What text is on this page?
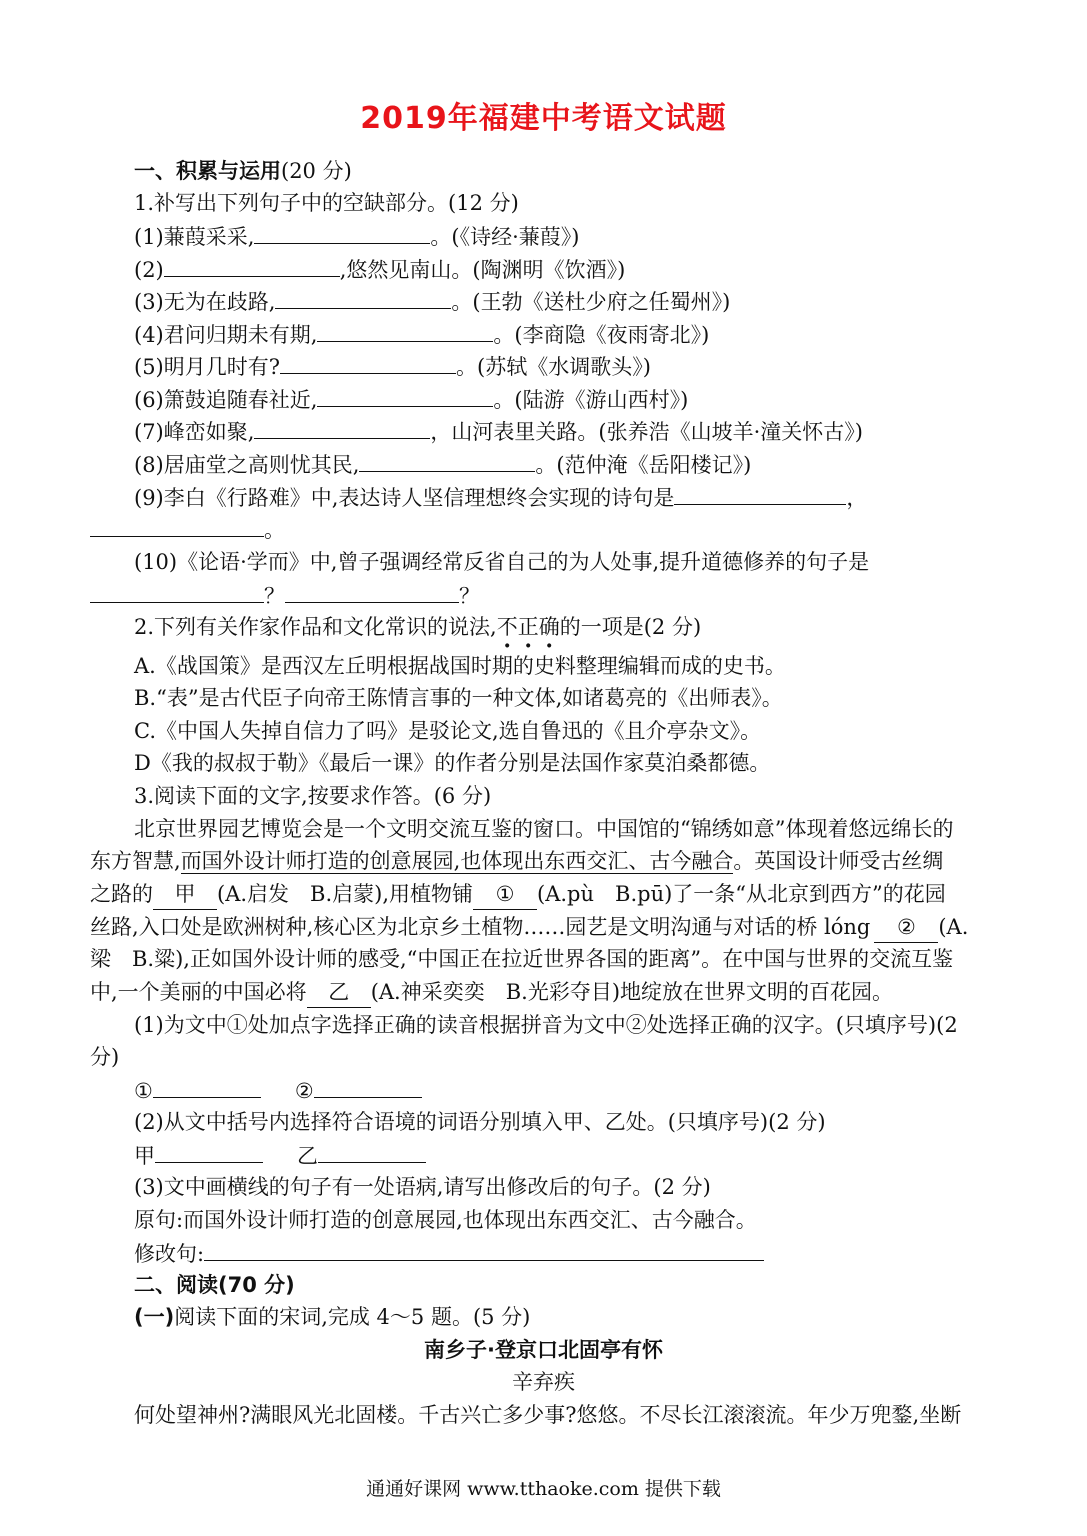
2019年福建中考语文试题
一、积累与运用(20 分)
1.补写出下列句子中的空缺部分。(12 分)
(1)蒹葭采采,	。(《诗经·蒹葭》)
(2)	,悠然见南山。(陶渊明《饮酒》)
(3)无为在歧路,	。(王勃《送杜少府之任蜀州》)
(4)君问归期未有期,	。(李商隐《夜雨寄北》)
(5)明月几时有?	。(苏轼《水调歌头》)
(6)箫鼓追随春社近,	。(陆游《游山西村》)
(7)峰峦如聚,	，山河表里关路。(张养浩《山坡羊·潼关怀古》)
(8)居庙堂之高则忧其民,	。(范仲淹《岳阳楼记》)
(9)李白《行路难》中,表达诗人坚信理想终会实现的诗句是	，
。
(10)《论语·学而》中,曾子强调经常反省自己的为人处事,提升道德修养的句子是
？	？
2.下列有关作家作品和文化常识的说法,不正确的一项是(2 分)
A.《战国策》是西汉左丘明根据战国时期的史料整理编辑而成的史书。
B.“表”是古代臣子向帝王陈情言事的一种文体,如诸葛亮的《出师表》。
C.《中国人失掉自信力了吗》是驳论文,选自鲁迅的《且介亭杂文》。
D《我的叔叔于勒》《最后一课》的作者分别是法国作家莫泊桑都德。
3.阅读下面的文字,按要求作答。(6 分)
北京世界园艺博览会是一个文明交流互鉴的窗口。中国馆的“锦绣如意”体现着悠远绵长的
东方智慧,而国外设计师打造的创意展园,也体现出东西交汇、古今融合。英国设计师受古丝绸
之路的 甲 (A.启发　B.启蒙),用植物铺 ① (A.pù　B.pū)了一条“从北京到西方”的花园
丝路,入口处是欧洲树种,核心区为北京乡土植物……园艺是文明沟通与对话的桥 lóng ② (A.
梁　B.粱),正如国外设计师的感受,“中国正在拉近世界各国的距离”。在中国与世界的交流互鉴
中,一个美丽的中国必将 乙 (A.神采奕奕　B.光彩夺目)地绽放在世界文明的百花园。
(1)为文中①处加点字选择正确的读音根据拼音为文中②处选择正确的汉字。(只填序号)(2
分)
①	②
(2)从文中括号内选择符合语境的词语分别填入甲、乙处。(只填序号)(2 分)
甲	乙
(3)文中画横线的句子有一处语病,请写出修改后的句子。(2 分)
原句:而国外设计师打造的创意展园,也体现出东西交汇、古今融合。
修改句:
二、阅读(70 分)
(一)阅读下面的宋词,完成 4～5 题。(5 分)
南乡子·登京口北固亭有怀
辛弃疾
何处望神州?满眼风光北固楼。千古兴亡多少事?悠悠。不尽长江滚滚流。年少万兜鍪,坐断
通通好课网 www.tthaoke.com 提供下载
